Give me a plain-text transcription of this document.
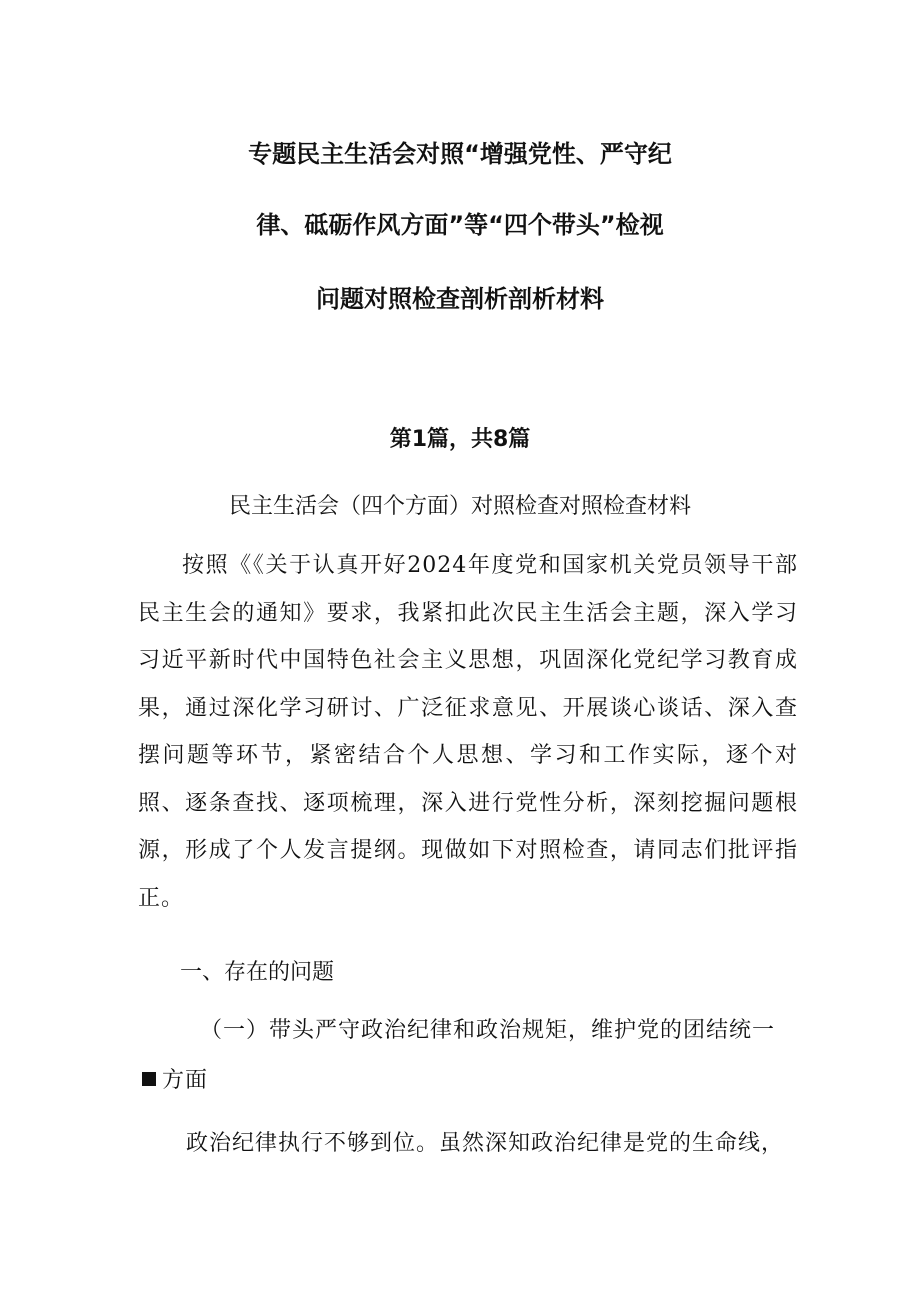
专题民主生活会对照“增强党性、严守纪
律、砥砺作风方面”等“四个带头”检视
问题对照检查剖析剖析材料
第1篇，共8篇
民主生活会（四个方面）对照检查对照检查材料

按照《《关于认真开好2024年度党和国家机关党员领导干部民主生会的通知》要求，我紧扣此次民主生活会主题，深入学习习近平新时代中国特色社会主义思想，巩固深化党纪学习教育成果，通过深化学习研讨、广泛征求意见、开展谈心谈话、深入查摆问题等环节，紧密结合个人思想、学习和工作实际，逐个对照、逐条查找、逐项梳理，深入进行党性分析，深刻挖掘问题根源，形成了个人发言提纲。现做如下对照检查，请同志们批评指正。

一、存在的问题

（一）带头严守政治纪律和政治规矩，维护党的团结统一方面

政治纪律执行不够到位。虽然深知政治纪律是党的生命线，
